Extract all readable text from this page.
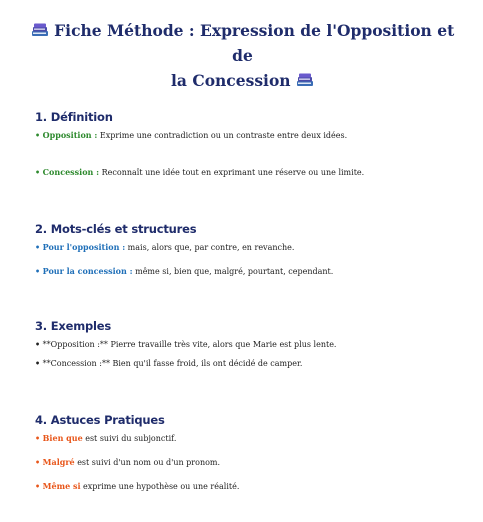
Fiche Méthode : Expression de l'Opposition et de
la Concession
1. Définition
• Opposition : Exprime une contradiction ou un contraste entre deux idées.
• Concession : Reconnaît une idée tout en exprimant une réserve ou une limite.
2. Mots-clés et structures
• Pour l'opposition : mais, alors que, par contre, en revanche.
• Pour la concession : même si, bien que, malgré, pourtant, cependant.
3. Exemples
• **Opposition :** Pierre travaille très vite, alors que Marie est plus lente.
• **Concession :** Bien qu'il fasse froid, ils ont décidé de camper.
4. Astuces Pratiques
• Bien que est suivi du subjonctif.
• Malgré est suivi d'un nom ou d'un pronom.
• Même si exprime une hypothèse ou une réalité.
